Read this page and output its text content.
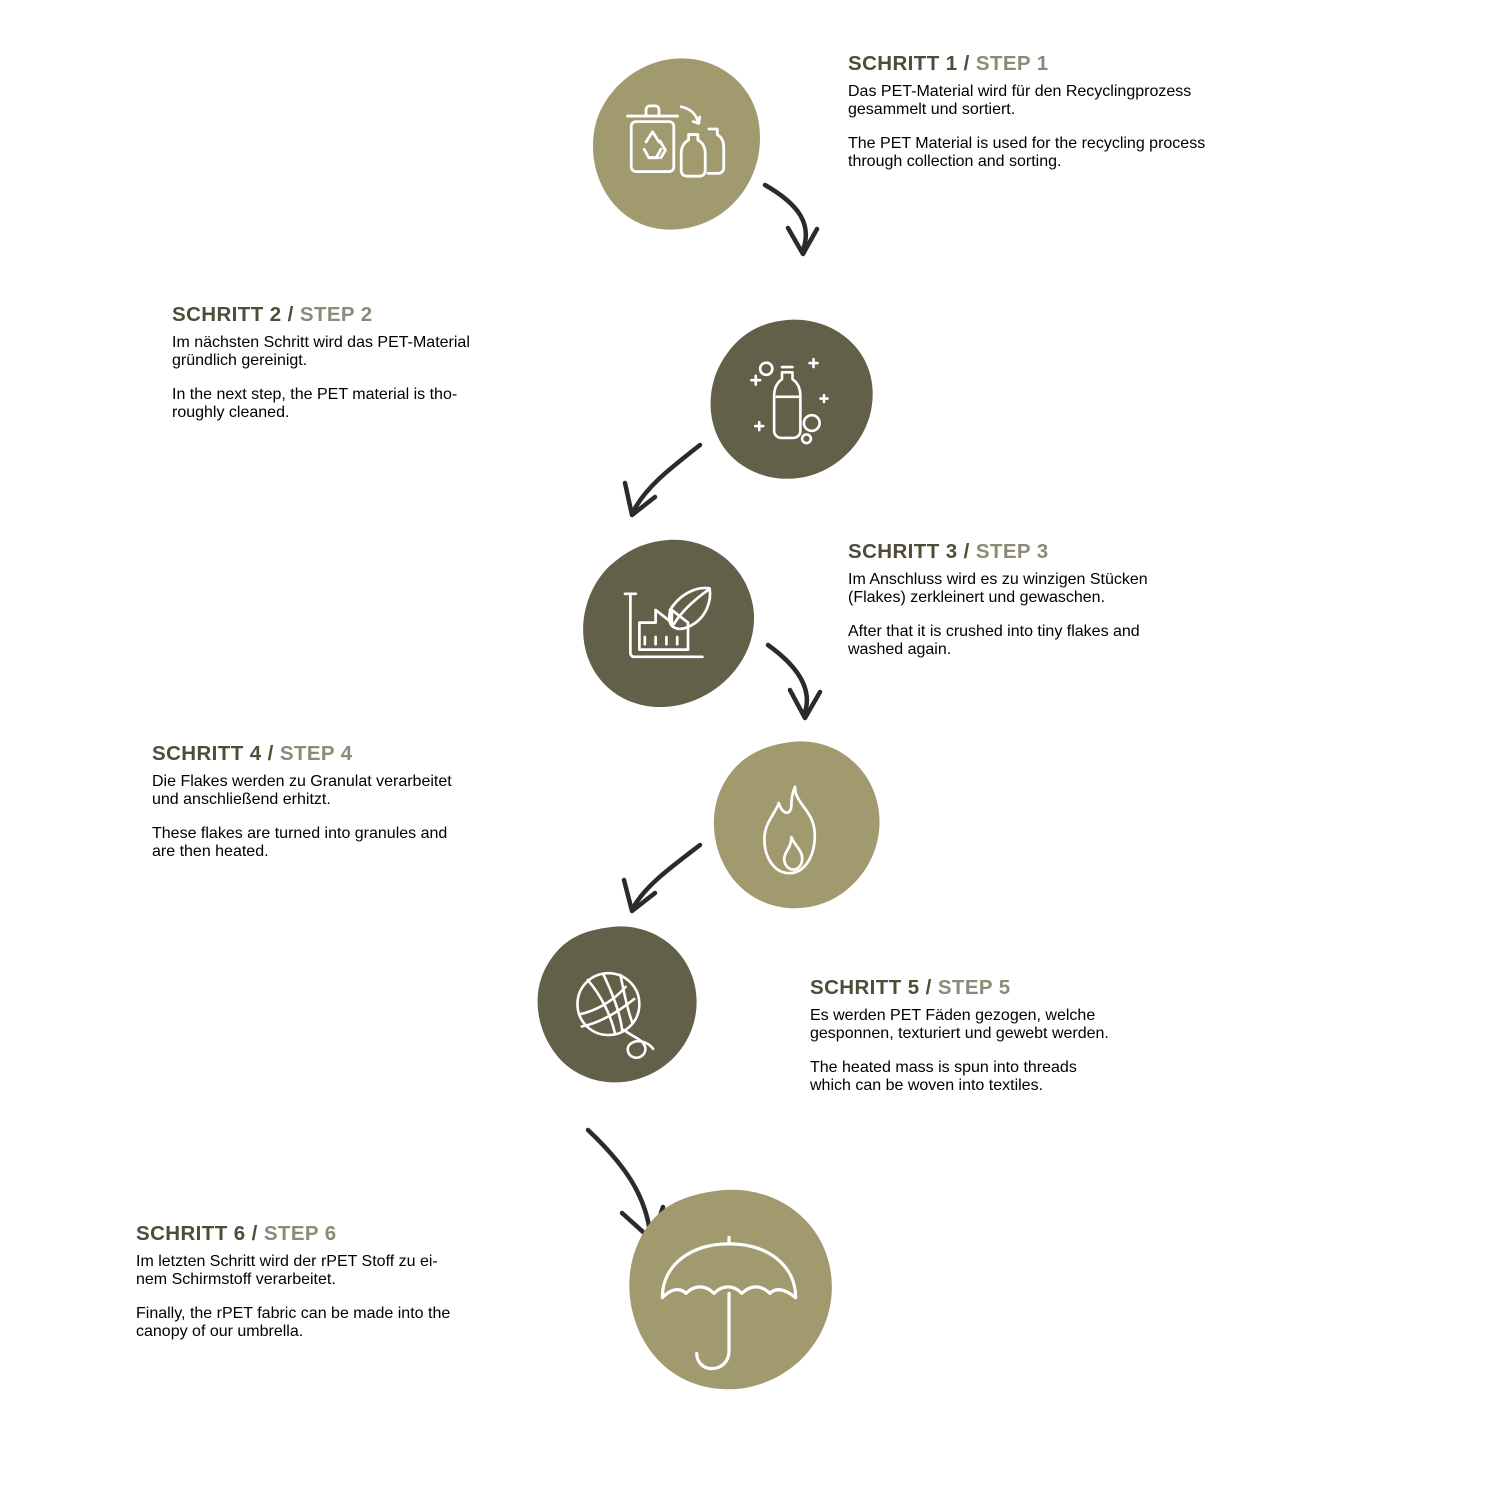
SCHRITT 1 / STEP 1

Das PET-Material wird für den Recyclingprozess
gesammelt und sortiert.

The PET Material is used for the recycling process
through collection and sorting.

SCHRITT 2 / STEP 2

Im nächsten Schritt wird das PET-Material
gründlich gereinigt.

In the next step, the PET material is tho-
roughly cleaned.

SCHRITT 3 / STEP 3

Im Anschluss wird es zu winzigen Stücken
(Flakes) zerkleinert und gewaschen.

After that it is crushed into tiny flakes and
washed again.

SCHRITT 4 / STEP 4

Die Flakes werden zu Granulat verarbeitet
und anschließend erhitzt.

These flakes are turned into granules and
are then heated.

SCHRITT 5 / STEP 5

Es werden PET Fäden gezogen, welche
gesponnen, texturiert und gewebt werden.

The heated mass is spun into threads
which can be woven into textiles.

SCHRITT 6 / STEP 6

Im letzten Schritt wird der rPET Stoff zu ei-
nem Schirmstoff verarbeitet.

Finally, the rPET fabric can be made into the
canopy of our umbrella.
